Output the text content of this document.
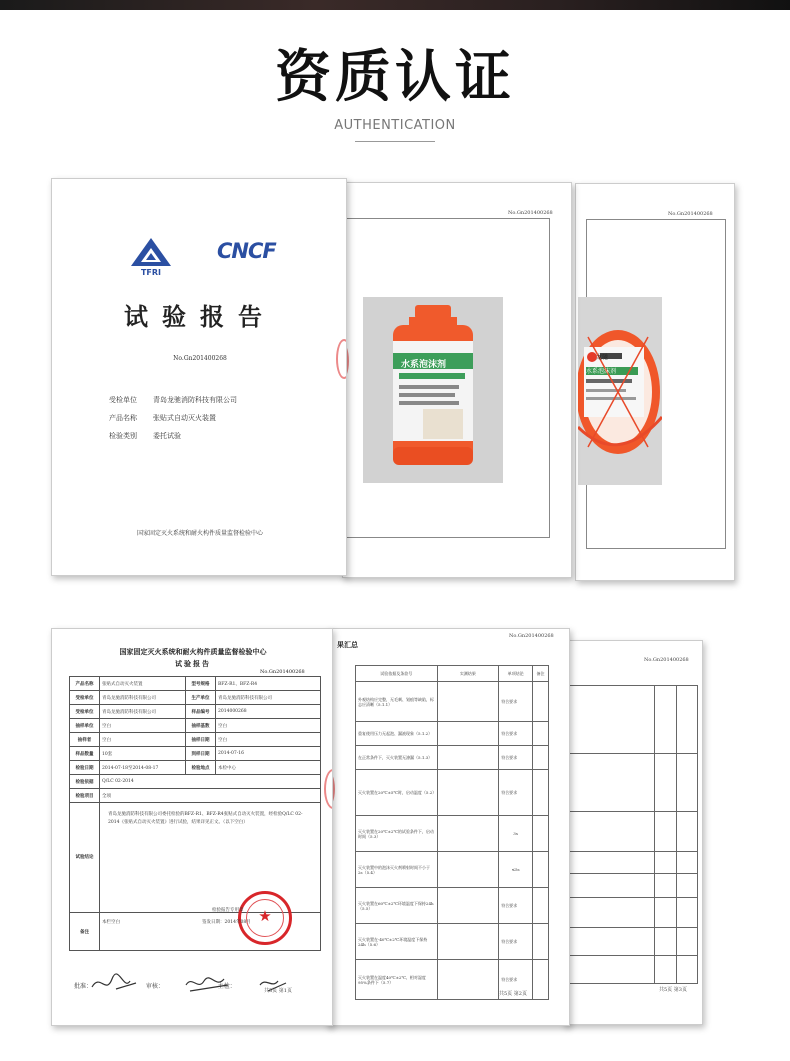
资质认证
AUTHENTICATION
No.Gn201400268
龙驰
水系泡沫剂
No.Gn201400268
水系泡沫剂
TFRI
CNCF
试验报告
No.Gn201400268
受检单位 青岛龙驰消防科技有限公司
产品名称 张贴式自动灭火装置
检验类别 委托试验
国家固定灭火系统和耐火构件质量监督检验中心
No.Gn201400268

共5页 第3页
果汇总
No.Gn201400268
试验依据及条款号	实测结果	单项结论	备注
外观结构应完整，无毛刺、划痕等缺陷，标志应清晰（5.1.1）		符合要求	
重复使用压力无起泡、漏液现象（5.1.2）		符合要求	
在正常条件下，灭火装置无渗漏（5.1.3）		符合要求	
灭火装置在20℃±5℃时，启动温度（5.2）		符合要求	
灭火装置在20℃±2℃的试验条件下，启动时间（5.3）		3s	
灭火装置中的泡沫灭火剂喷射时间不小于2s（5.4）		≤5s	
灭火装置在60℃±2℃环境温度下保持24h（5.5）		符合要求	
灭火装置在-40℃±2℃环境温度下保持24h（5.6）		符合要求	
灭火装置在温度40℃±2℃、相对湿度95%条件下（5.7）		符合要求	
共5页 第2页
国家固定灭火系统和耐火构件质量监督检验中心
试验报告
No.Gn201400268
产品名称	张贴式自动灭火装置	型号规格	BFZ-R1、BFZ-R4
受检单位	青岛龙驰消防科技有限公司	生产单位	青岛龙驰消防科技有限公司
受检单位	青岛龙驰消防科技有限公司	样品编号	2014000268
抽样单位	空白	抽样基数	空白
抽样者	空白	抽样日期	空白
样品数量	10套	到样日期	2014-07-16
检验日期	2014-07-18至2014-08-17	检验地点	本检中心
检验依据	Q/LC 02-2014		
检验项目	全项		
试验结论	青岛龙驰消防科技有限公司委托检验的BFZ-R1、BFZ-R4张贴式自动灭火装置，经检验Q/LC 02-2014《张贴式自动灭火装置》进行试验，结果详见正文。（以下空白）		
备注	本栏空白			★
检验报告专用章
签发日期：2014年08月
批准：	审核：	主检：
共5页 第1页
